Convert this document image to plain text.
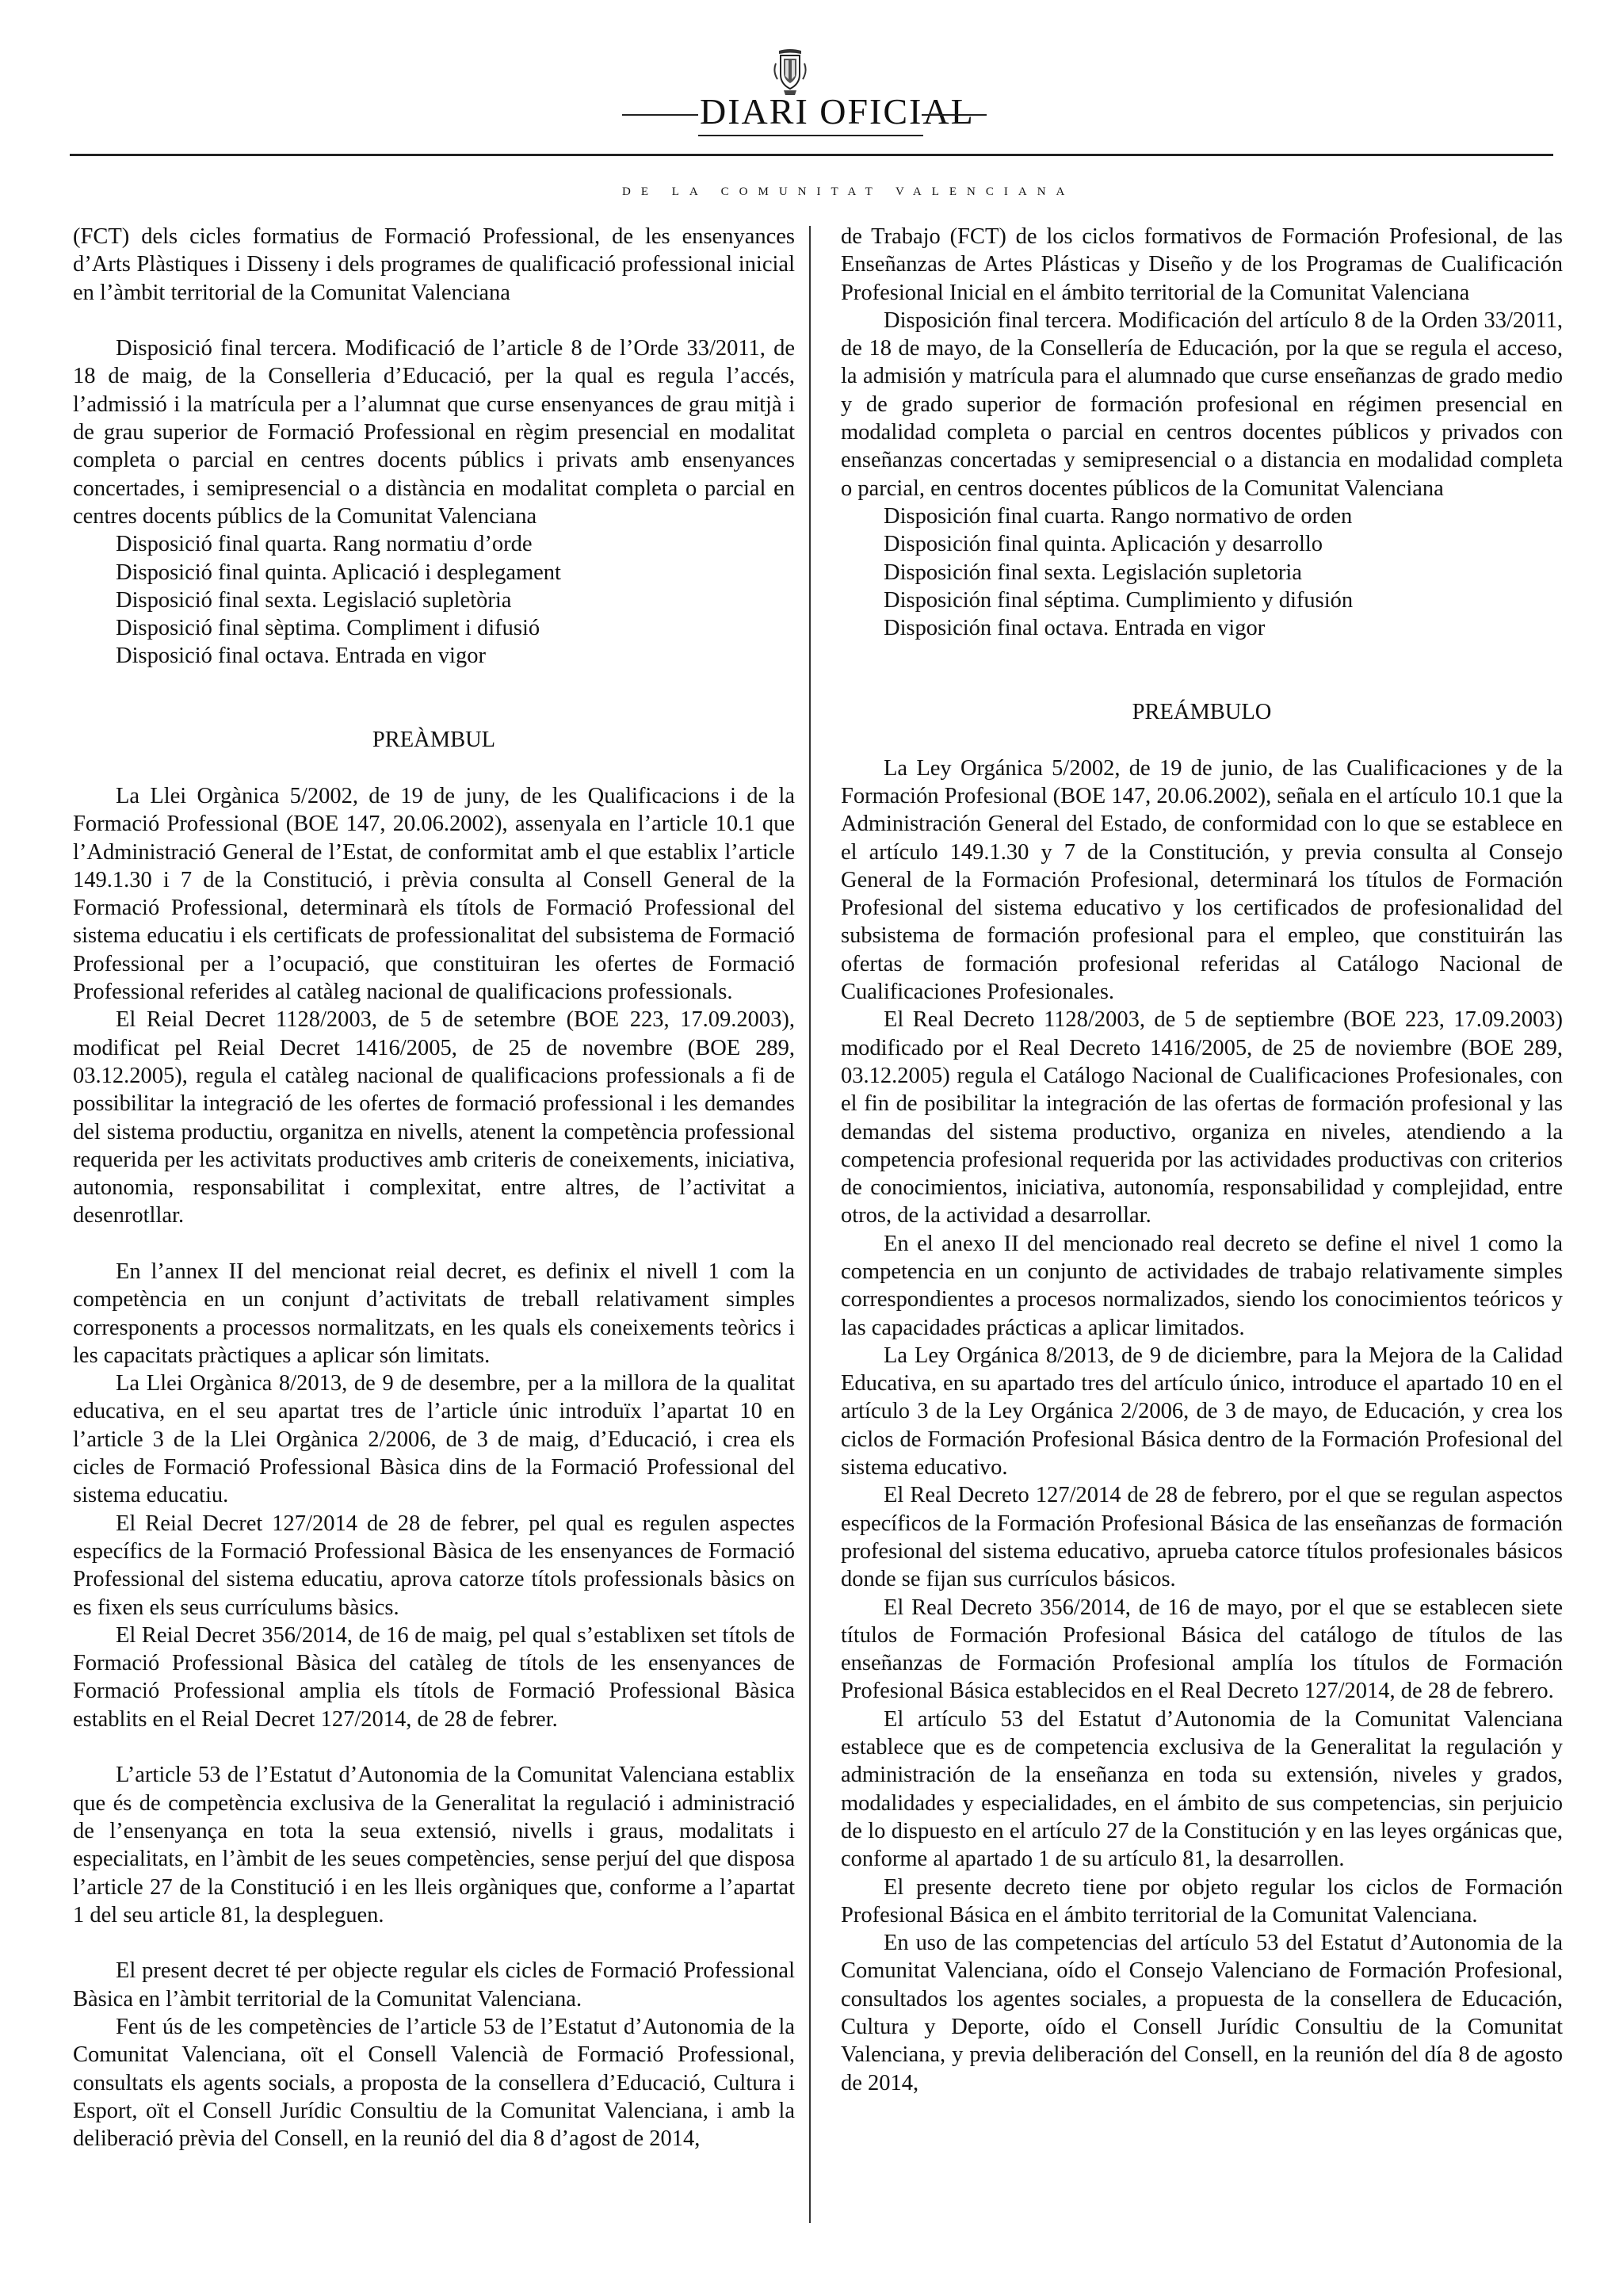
DIARI OFICIAL
DE LA COMUNITAT VALENCIANA

(FCT) dels cicles formatius de Formació Professional, de les ensenyances d’Arts Plàstiques i Disseny i dels programes de qualificació professional inicial en l’àmbit territorial de la Comunitat Valenciana

Disposició final tercera. Modificació de l’article 8 de l’Orde 33/2011, de 18 de maig, de la Conselleria d’Educació, per la qual es regula l’accés, l’admissió i la matrícula per a l’alumnat que curse ensenyances de grau mitjà i de grau superior de Formació Professional en règim presencial en modalitat completa o parcial en centres docents públics i privats amb ensenyances concertades, i semipresencial o a distància en modalitat completa o parcial en centres docents públics de la Comunitat Valenciana

Disposició final quarta. Rang normatiu d’orde

Disposició final quinta. Aplicació i desplegament

Disposició final sexta. Legislació supletòria

Disposició final sèptima. Compliment i difusió

Disposició final octava. Entrada en vigor

PREÀMBUL

La Llei Orgànica 5/2002, de 19 de juny, de les Qualificacions i de la Formació Professional (BOE 147, 20.06.2002), assenyala en l’article 10.1 que l’Administració General de l’Estat, de conformitat amb el que establix l’article 149.1.30 i 7 de la Constitució, i prèvia consulta al Consell General de la Formació Professional, determinarà els títols de Formació Professional del sistema educatiu i els certificats de professionalitat del subsistema de Formació Professional per a l’ocupació, que constituiran les ofertes de Formació Professional referides al catàleg nacional de qualificacions professionals.

El Reial Decret 1128/2003, de 5 de setembre (BOE 223, 17.09.2003), modificat pel Reial Decret 1416/2005, de 25 de novembre (BOE 289, 03.12.2005), regula el catàleg nacional de qualificacions professionals a fi de possibilitar la integració de les ofertes de formació professional i les demandes del sistema productiu, organitza en nivells, atenent la competència professional requerida per les activitats productives amb criteris de coneixements, iniciativa, autonomia, responsabilitat i complexitat, entre altres, de l’activitat a desenrotllar.

En l’annex II del mencionat reial decret, es definix el nivell 1 com la competència en un conjunt d’activitats de treball relativament simples corresponents a processos normalitzats, en les quals els coneixements teòrics i les capacitats pràctiques a aplicar són limitats.

La Llei Orgànica 8/2013, de 9 de desembre, per a la millora de la qualitat educativa, en el seu apartat tres de l’article únic introduïx l’apartat 10 en l’article 3 de la Llei Orgànica 2/2006, de 3 de maig, d’Educació, i crea els cicles de Formació Professional Bàsica dins de la Formació Professional del sistema educatiu.

El Reial Decret 127/2014 de 28 de febrer, pel qual es regulen aspectes específics de la Formació Professional Bàsica de les ensenyances de Formació Professional del sistema educatiu, aprova catorze títols professionals bàsics on es fixen els seus currículums bàsics.

El Reial Decret 356/2014, de 16 de maig, pel qual s’establixen set títols de Formació Professional Bàsica del catàleg de títols de les ensenyances de Formació Professional amplia els títols de Formació Professional Bàsica establits en el Reial Decret 127/2014, de 28 de febrer.

L’article 53 de l’Estatut d’Autonomia de la Comunitat Valenciana establix que és de competència exclusiva de la Generalitat la regulació i administració de l’ensenyança en tota la seua extensió, nivells i graus, modalitats i especialitats, en l’àmbit de les seues competències, sense perjuí del que disposa l’article 27 de la Constitució i en les lleis orgàniques que, conforme a l’apartat 1 del seu article 81, la despleguen.

El present decret té per objecte regular els cicles de Formació Professional Bàsica en l’àmbit territorial de la Comunitat Valenciana.

Fent ús de les competències de l’article 53 de l’Estatut d’Autonomia de la Comunitat Valenciana, oït el Consell Valencià de Formació Professional, consultats els agents socials, a proposta de la consellera d’Educació, Cultura i Esport, oït el Consell Jurídic Consultiu de la Comunitat Valenciana, i amb la deliberació prèvia del Consell, en la reunió del dia 8 d’agost de 2014,

de Trabajo (FCT) de los ciclos formativos de Formación Profesional, de las Enseñanzas de Artes Plásticas y Diseño y de los Programas de Cualificación Profesional Inicial en el ámbito territorial de la Comunitat Valenciana

Disposición final tercera. Modificación del artículo 8 de la Orden 33/2011, de 18 de mayo, de la Consellería de Educación, por la que se regula el acceso, la admisión y matrícula para el alumnado que curse enseñanzas de grado medio y de grado superior de formación profesional en régimen presencial en modalidad completa o parcial en centros docentes públicos y privados con enseñanzas concertadas y semipresencial o a distancia en modalidad completa o parcial, en centros docentes públicos de la Comunitat Valenciana

Disposición final cuarta. Rango normativo de orden

Disposición final quinta. Aplicación y desarrollo

Disposición final sexta. Legislación supletoria

Disposición final séptima. Cumplimiento y difusión

Disposición final octava. Entrada en vigor

PREÁMBULO

La Ley Orgánica 5/2002, de 19 de junio, de las Cualificaciones y de la Formación Profesional (BOE 147, 20.06.2002), señala en el artículo 10.1 que la Administración General del Estado, de conformidad con lo que se establece en el artículo 149.1.30 y 7 de la Constitución, y previa consulta al Consejo General de la Formación Profesional, determinará los títulos de Formación Profesional del sistema educativo y los certificados de profesionalidad del subsistema de formación profesional para el empleo, que constituirán las ofertas de formación profesional referidas al Catálogo Nacional de Cualificaciones Profesionales.

El Real Decreto 1128/2003, de 5 de septiembre (BOE 223, 17.09.2003) modificado por el Real Decreto 1416/2005, de 25 de noviembre (BOE 289, 03.12.2005) regula el Catálogo Nacional de Cualificaciones Profesionales, con el fin de posibilitar la integración de las ofertas de formación profesional y las demandas del sistema productivo, organiza en niveles, atendiendo a la competencia profesional requerida por las actividades productivas con criterios de conocimientos, iniciativa, autonomía, responsabilidad y complejidad, entre otros, de la actividad a desarrollar.

En el anexo II del mencionado real decreto se define el nivel 1 como la competencia en un conjunto de actividades de trabajo relativamente simples correspondientes a procesos normalizados, siendo los conocimientos teóricos y las capacidades prácticas a aplicar limitados.

La Ley Orgánica 8/2013, de 9 de diciembre, para la Mejora de la Calidad Educativa, en su apartado tres del artículo único, introduce el apartado 10 en el artículo 3 de la Ley Orgánica 2/2006, de 3 de mayo, de Educación, y crea los ciclos de Formación Profesional Básica dentro de la Formación Profesional del sistema educativo.

El Real Decreto 127/2014 de 28 de febrero, por el que se regulan aspectos específicos de la Formación Profesional Básica de las enseñanzas de formación profesional del sistema educativo, aprueba catorce títulos profesionales básicos donde se fijan sus currículos básicos.

El Real Decreto 356/2014, de 16 de mayo, por el que se establecen siete títulos de Formación Profesional Básica del catálogo de títulos de las enseñanzas de Formación Profesional amplía los títulos de Formación Profesional Básica establecidos en el Real Decreto 127/2014, de 28 de febrero.

El artículo 53 del Estatut d’Autonomia de la Comunitat Valenciana establece que es de competencia exclusiva de la Generalitat la regulación y administración de la enseñanza en toda su extensión, niveles y grados, modalidades y especialidades, en el ámbito de sus competencias, sin perjuicio de lo dispuesto en el artículo 27 de la Constitución y en las leyes orgánicas que, conforme al apartado 1 de su artículo 81, la desarrollen.

El presente decreto tiene por objeto regular los ciclos de Formación Profesional Básica en el ámbito territorial de la Comunitat Valenciana.

En uso de las competencias del artículo 53 del Estatut d’Autonomia de la Comunitat Valenciana, oído el Consejo Valenciano de Formación Profesional, consultados los agentes sociales, a propuesta de la consellera de Educación, Cultura y Deporte, oído el Consell Jurídic Consultiu de la Comunitat Valenciana, y previa deliberación del Consell, en la reunión del día 8 de agosto de 2014,
